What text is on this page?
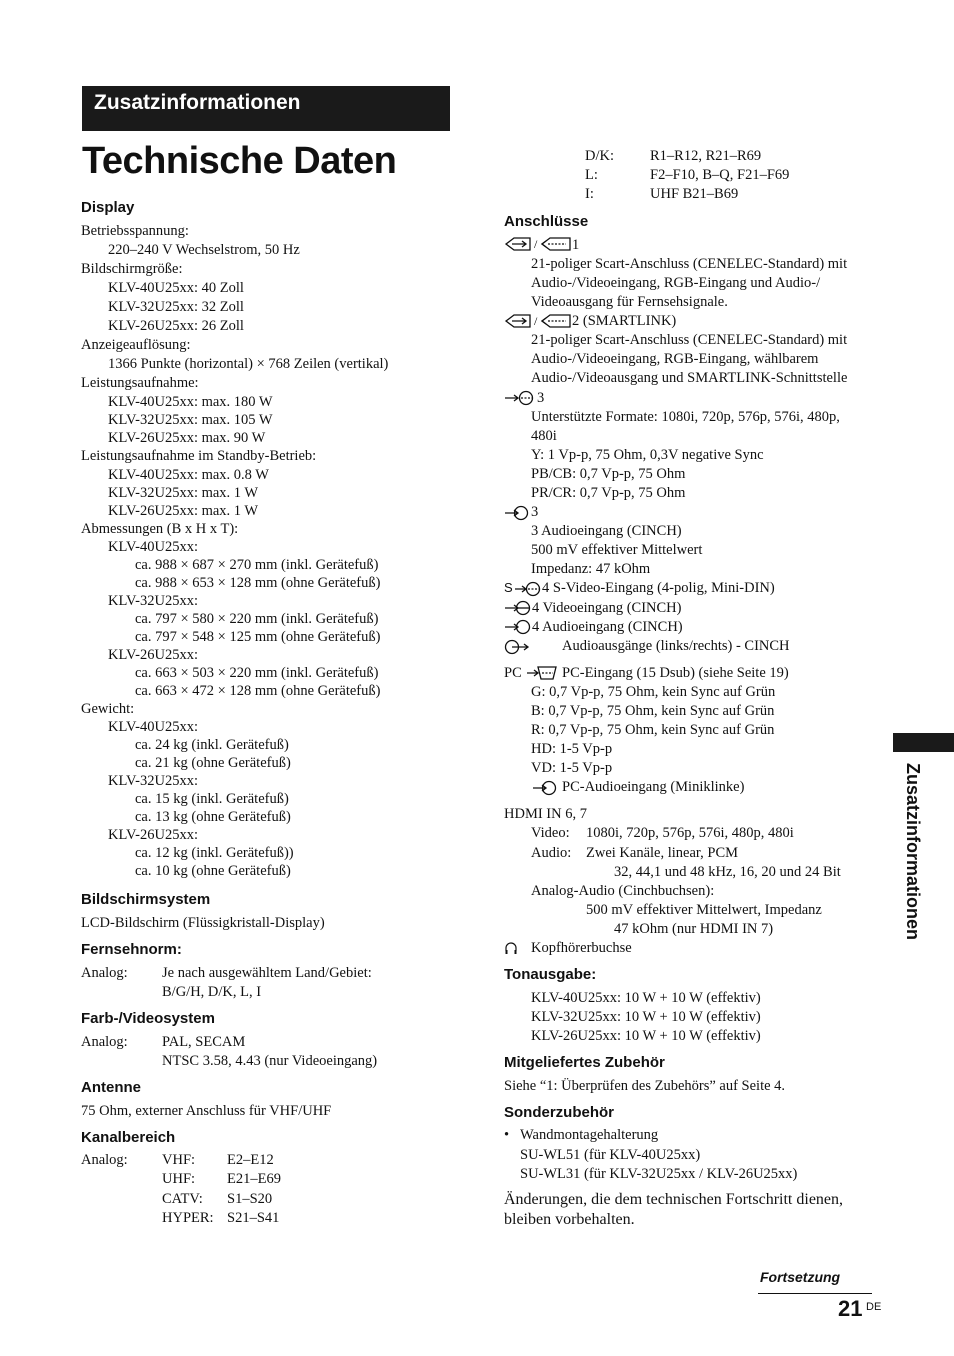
Zusatzinformationen
Technische Daten
Display
Betriebsspannung:
220–240 V Wechselstrom, 50 Hz
Bildschirmgröße:
KLV-40U25xx: 40 Zoll
KLV-32U25xx: 32 Zoll
KLV-26U25xx: 26 Zoll
Anzeigeauflösung:
1366 Punkte (horizontal) × 768 Zeilen (vertikal)
Leistungsaufnahme:
KLV-40U25xx: max. 180 W
KLV-32U25xx: max. 105 W
KLV-26U25xx: max. 90 W
Leistungsaufnahme im Standby-Betrieb:
KLV-40U25xx: max. 0.8 W
KLV-32U25xx: max. 1 W
KLV-26U25xx: max. 1 W
Abmessungen (B x H x T):
KLV-40U25xx:
ca. 988 × 687 × 270 mm (inkl. Gerätefuß)
ca. 988 × 653 × 128 mm (ohne Gerätefuß)
KLV-32U25xx:
ca. 797 × 580 × 220 mm (inkl. Gerätefuß)
ca. 797 × 548 × 125 mm (ohne Gerätefuß)
KLV-26U25xx:
ca. 663 × 503 × 220 mm (inkl. Gerätefuß)
ca. 663 × 472 × 128 mm (ohne Gerätefuß)
Gewicht:
KLV-40U25xx:
ca. 24 kg (inkl. Gerätefuß)
ca. 21 kg (ohne Gerätefuß)
KLV-32U25xx:
ca. 15 kg (inkl. Gerätefuß)
ca. 13 kg (ohne Gerätefuß)
KLV-26U25xx:
ca. 12 kg (inkl. Gerätefuß))
ca. 10 kg (ohne Gerätefuß)
Bildschirmsystem
LCD-Bildschirm (Flüssigkristall-Display)
Fernsehnorm:
Analog: Je nach ausgewähltem Land/Gebiet:
B/G/H, D/K, L, I
Farb-/Videosystem
Analog: PAL, SECAM
NTSC 3.58, 4.43 (nur Videoeingang)
Antenne
75 Ohm, externer Anschluss für VHF/UHF
Kanalbereich
Analog: VHF: E2–E12
UHF: E21–E69
CATV: S1–S20
HYPER: S21–S41
D/K: R1–R12, R21–R69
L:	F2–F10, B–Q, F21–F69
I:	UHF B21–B69
Anschlüsse
/ 1
21-poliger Scart-Anschluss (CENELEC-Standard) mit
Audio-/Videoeingang, RGB-Eingang und Audio-/
Videoausgang für Fernsehsignale.
/ 2 (SMARTLINK)
21-poliger Scart-Anschluss (CENELEC-Standard) mit
Audio-/Videoeingang, RGB-Eingang, wählbarem
Audio-/Videoausgang und SMARTLINK-Schnittstelle
3
Unterstützte Formate: 1080i, 720p, 576p, 576i, 480p,
480i
Y: 1 Vp-p, 75 Ohm, 0,3V negative Sync
PB/CB: 0,7 Vp-p, 75 Ohm
PR/CR: 0,7 Vp-p, 75 Ohm
3
3 Audioeingang (CINCH)
500 mV effektiver Mittelwert
Impedanz: 47 kOhm
S 4 S-Video-Eingang (4-polig, Mini-DIN)
4 Videoeingang (CINCH)
4 Audioeingang (CINCH)
Audioausgänge (links/rechts) - CINCH
PC	PC-Eingang (15 Dsub) (siehe Seite 19)
G: 0,7 Vp-p, 75 Ohm, kein Sync auf Grün
B: 0,7 Vp-p, 75 Ohm, kein Sync auf Grün
R: 0,7 Vp-p, 75 Ohm, kein Sync auf Grün
HD: 1-5 Vp-p
VD: 1-5 Vp-p
PC-Audioeingang (Miniklinke)
HDMI IN 6, 7
Video: 1080i, 720p, 576p, 576i, 480p, 480i
Audio: Zwei Kanäle, linear, PCM
32, 44,1 und 48 kHz, 16, 20 und 24 Bit
Analog-Audio (Cinchbuchsen):
500 mV effektiver Mittelwert, Impedanz
47 kOhm (nur HDMI IN 7)
Kopfhörerbuchse
Tonausgabe:
KLV-40U25xx: 10 W + 10 W (effektiv)
KLV-32U25xx: 10 W + 10 W (effektiv)
KLV-26U25xx: 10 W + 10 W (effektiv)
Mitgeliefertes Zubehör
Siehe “1: Überprüfen des Zubehörs” auf Seite 4.
Sonderzubehör
• Wandmontagehalterung
SU-WL51 (für KLV-40U25xx)
SU-WL31 (für KLV-32U25xx / KLV-26U25xx)
Änderungen, die dem technischen Fortschritt dienen,
bleiben vorbehalten.
Zusatzinformationen
Fortsetzung
21 DE
